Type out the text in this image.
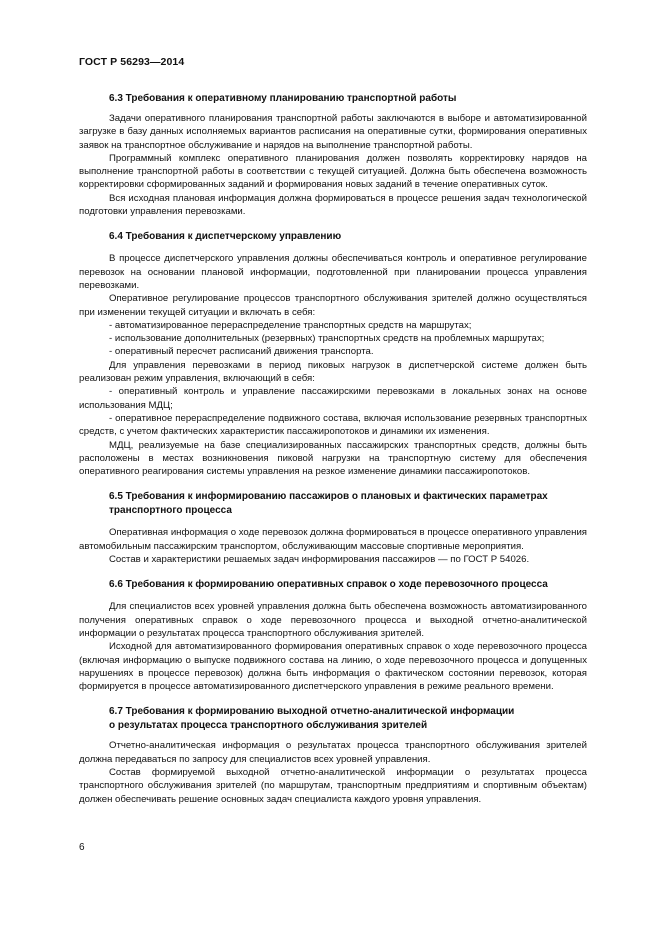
ГОСТ Р 56293—2014

6.3 Требования к оперативному планированию транспортной работы

Задачи оперативного планирования транспортной работы заключаются в выборе и автоматизированной загрузке в базу данных исполняемых вариантов расписания на оперативные сутки, формирования оперативных заявок на транспортное обслуживание и нарядов на выполнение транспортной работы.

Программный комплекс оперативного планирования должен позволять корректировку нарядов на выполнение транспортной работы в соответствии с текущей ситуацией. Должна быть обеспечена возможность корректировки сформированных заданий и формирования новых заданий в течение оперативных суток.

Вся исходная плановая информация должна формироваться в процессе решения задач технологической подготовки управления перевозками.

6.4 Требования к диспетчерскому управлению

В процессе диспетчерского управления должны обеспечиваться контроль и оперативное регулирование перевозок на основании плановой информации, подготовленной при планировании процесса управления перевозками.

Оперативное регулирование процессов транспортного обслуживания зрителей должно осуществляться при изменении текущей ситуации и включать в себя:

- автоматизированное перераспределение транспортных средств на маршрутах;

- использование дополнительных (резервных) транспортных средств на проблемных маршрутах;

- оперативный пересчет расписаний движения транспорта.

Для управления перевозками в период пиковых нагрузок в диспетчерской системе должен быть реализован режим управления, включающий в себя:

- оперативный контроль и управление пассажирскими перевозками в локальных зонах на основе использования МДЦ;

- оперативное перераспределение подвижного состава, включая использование резервных транспортных средств, с учетом фактических характеристик пассажиропотоков и динамики их изменения.

МДЦ, реализуемые на базе специализированных пассажирских транспортных средств, должны быть расположены в местах возникновения пиковой нагрузки на транспортную систему для обеспечения оперативного реагирования системы управления на резкое изменение динамики пассажиропотоков.

6.5 Требования к информированию пассажиров о плановых и фактических параметрах

транспортного процесса

Оперативная информация о ходе перевозок должна формироваться в процессе оперативного управления автомобильным пассажирским транспортом, обслуживающим массовые спортивные мероприятия.

Состав и характеристики решаемых задач информирования пассажиров — по ГОСТ Р 54026.

6.6 Требования к формированию оперативных справок о ходе перевозочного процесса

Для специалистов всех уровней управления должна быть обеспечена возможность автоматизированного получения оперативных справок о ходе перевозочного процесса и выходной отчетно-аналитической информации о результатах процесса транспортного обслуживания зрителей.

Исходной для автоматизированного формирования оперативных справок о ходе перевозочного процесса (включая информацию о выпуске подвижного состава на линию, о ходе перевозочного процесса и допущенных нарушениях в процессе перевозок) должна быть информация о фактическом состоянии перевозок, которая формируется в процессе автоматизированного диспетчерского управления в режиме реального времени.

6.7 Требования к формированию выходной отчетно-аналитической информации

о результатах процесса транспортного обслуживания зрителей

Отчетно-аналитическая информация о результатах процесса транспортного обслуживания зрителей должна передаваться по запросу для специалистов всех уровней управления.

Состав формируемой выходной отчетно-аналитической информации о результатах процесса транспортного обслуживания зрителей (по маршрутам, транспортным предприятиям и спортивным объектам) должен обеспечивать решение основных задач специалиста каждого уровня управления.

6
